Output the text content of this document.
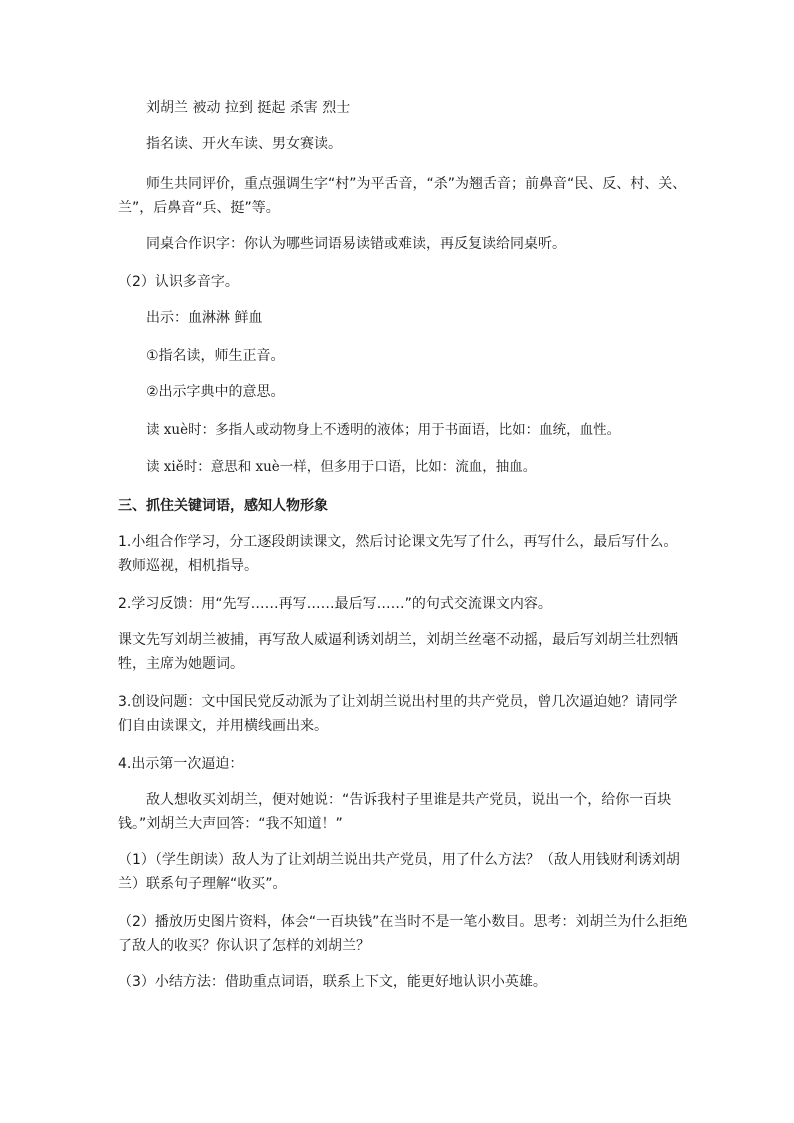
刘胡兰 被动 拉到 挺起 杀害 烈士

指名读、开火车读、男女赛读。

师生共同评价，重点强调生字“村”为平舌音，“杀”为翘舌音；前鼻音“民、反、村、关、兰”，后鼻音“兵、挺”等。

同桌合作识字：你认为哪些词语易读错或难读，再反复读给同桌听。

（2）认识多音字。

出示：血淋淋 鲜血

①指名读，师生正音。

②出示字典中的意思。

读 xuè时：多指人或动物身上不透明的液体；用于书面语，比如：血统，血性。

读 xiě时：意思和 xuè一样，但多用于口语，比如：流血，抽血。

三、抓住关键词语，感知人物形象

1.小组合作学习，分工逐段朗读课文，然后讨论课文先写了什么，再写什么，最后写什么。教师巡视，相机指导。

2.学习反馈：用“先写……再写……最后写……”的句式交流课文内容。

课文先写刘胡兰被捕，再写敌人威逼利诱刘胡兰，刘胡兰丝毫不动摇，最后写刘胡兰壮烈牺牲，主席为她题词。

3.创设问题：文中国民党反动派为了让刘胡兰说出村里的共产党员，曾几次逼迫她？请同学们自由读课文，并用横线画出来。

4.出示第一次逼迫：

敌人想收买刘胡兰，便对她说：“告诉我村子里谁是共产党员，说出一个，给你一百块钱。”刘胡兰大声回答：“我不知道！”

（1）（学生朗读）敌人为了让刘胡兰说出共产党员，用了什么方法？（敌人用钱财利诱刘胡兰）联系句子理解“收买”。

（2）播放历史图片资料，体会“一百块钱”在当时不是一笔小数目。思考：刘胡兰为什么拒绝了敌人的收买？你认识了怎样的刘胡兰？

（3）小结方法：借助重点词语，联系上下文，能更好地认识小英雄。
